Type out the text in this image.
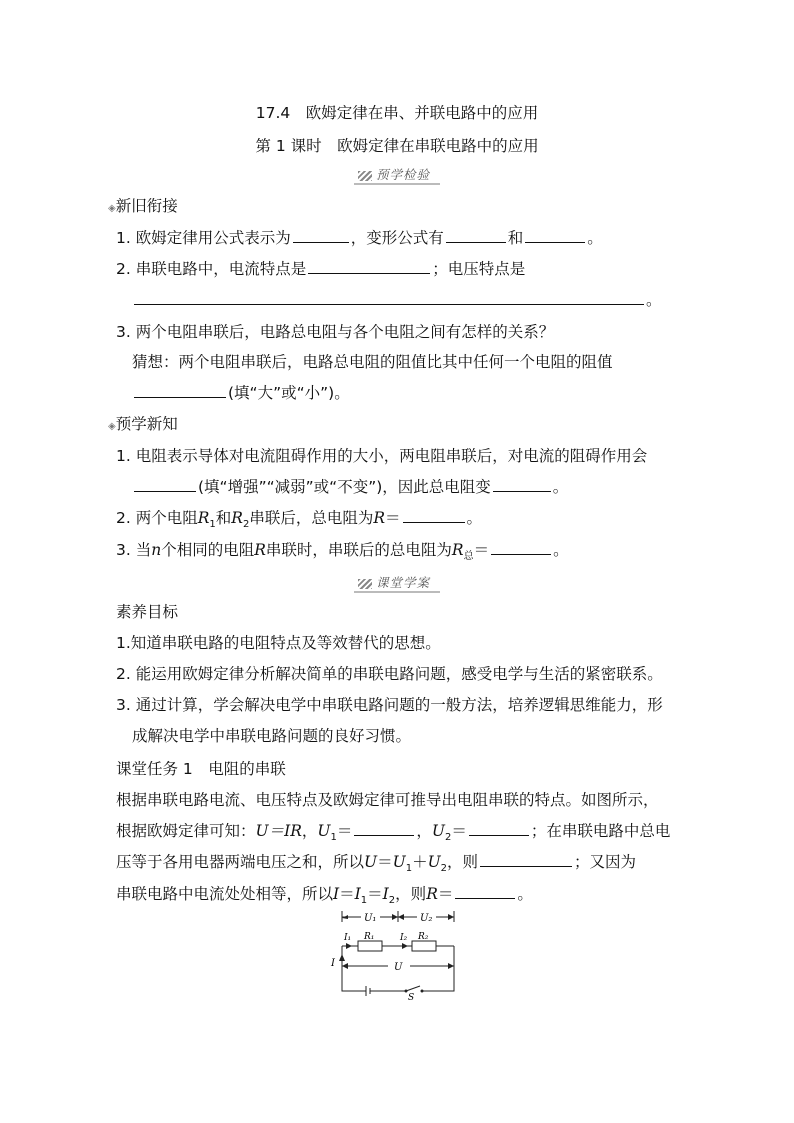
17.4　欧姆定律在串、并联电路中的应用
第 1 课时　欧姆定律在串联电路中的应用
预学检验
◈新旧衔接
1. 欧姆定律用公式表示为	，变形公式有	和	。
2. 串联电路中，电流特点是	；电压特点是
。
3. 两个电阻串联后，电路总电阻与各个电阻之间有怎样的关系？
猜想：两个电阻串联后，电路总电阻的阻值比其中任何一个电阻的阻值
(填“大”或“小”)。
◈预学新知
1. 电阻表示导体对电流阻碍作用的大小，两电阻串联后，对电流的阻碍作用会
(填“增强”“减弱”或“不变”)，因此总电阻变	。
2. 两个电阻$R_1$和$R_2$串联后，总电阻为R＝	。
3. 当n个相同的电阻R串联时，串联后的总电阻为$R_总=$	。
课堂学案
素养目标
1.知道串联电路的电阻特点及等效替代的思想。
2. 能运用欧姆定律分析解决简单的串联电路问题，感受电学与生活的紧密联系。
3. 通过计算，学会解决电学中串联电路问题的一般方法，培养逻辑思维能力，形
成解决电学中串联电路问题的良好习惯。
课堂任务 1　电阻的串联
根据串联电路电流、电压特点及欧姆定律可推导出电阻串联的特点。如图所示，
根据欧姆定律可知：U＝IR，$U_1=$	，$U_2=$	；在串联电路中总电
压等于各用电器两端电压之和，所以$U=U_1+U_2$，则	；又因为
串联电路中电流处处相等，所以$I=I_1=I_2$，则R＝	。
U₁	U₂
I₁ R₁	I₂ R₂
I	U
S
